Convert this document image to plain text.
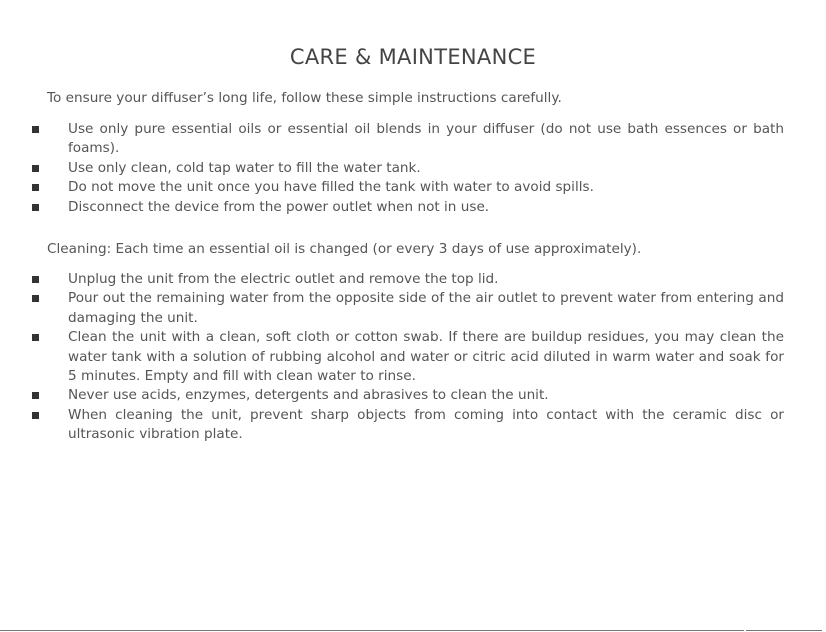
CARE & MAINTENANCE
To ensure your diffuser’s long life, follow these simple instructions carefully.
Use only pure essential oils or essential oil blends in your diffuser (do not use bath essences or bath foams).
Use only clean, cold tap water to fill the water tank.
Do not move the unit once you have filled the tank with water to avoid spills.
Disconnect the device from the power outlet when not in use.
Cleaning: Each time an essential oil is changed (or every 3 days of use approximately).
Unplug the unit from the electric outlet and remove the top lid.
Pour out the remaining water from the opposite side of the air outlet to prevent water from entering and damaging the unit.
Clean the unit with a clean, soft cloth or cotton swab. If there are buildup residues, you may clean the water tank with a solution of rubbing alcohol and water or citric acid diluted in warm water and soak for 5 minutes. Empty and fill with clean water to rinse.
Never use acids, enzymes, detergents and abrasives to clean the unit.
When cleaning the unit, prevent sharp objects from coming into contact with the ceramic disc or ultrasonic vibration plate.
